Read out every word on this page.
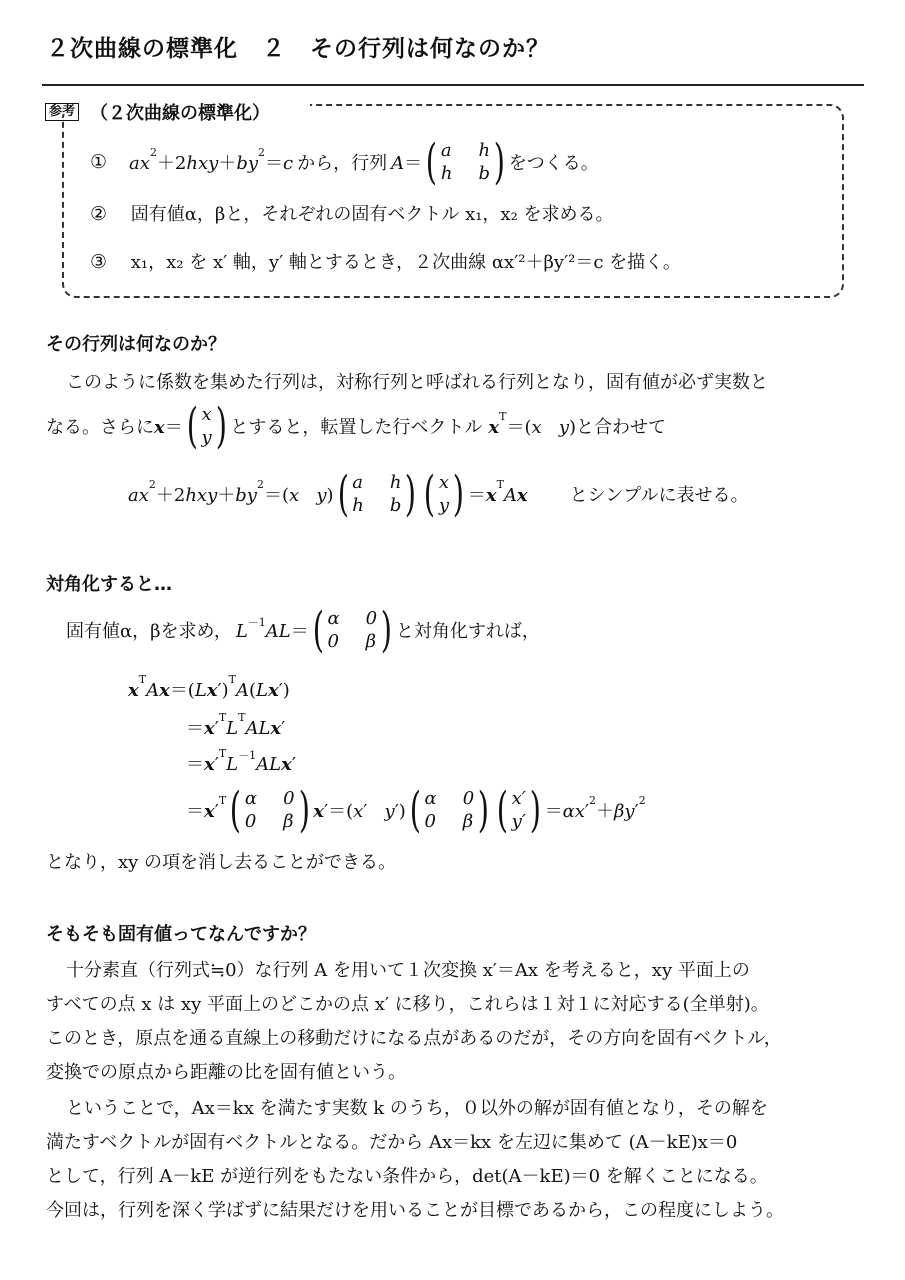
２次曲線の標準化　２　その行列は何なのか？
参考 （２次曲線の標準化）
① $ax^2+2hxy+by^2=c$ から，行列 A＝ ( a h
h b ) をつくる。
② 固有値α，βと，それぞれの固有ベクトル x₁，x₂ を求める。
③ x₁，x₂ を x′ 軸，y′ 軸とするとき，２次曲線 αx′²＋βy′²＝c を描く。
その行列は何なのか？
このように係数を集めた行列は，対称行列と呼ばれる行列となり，固有値が必ず実数と
なる。さらに x＝ ( x
y ) とすると，転置した行ベクトル $x^T=(x$ y) と合わせて
$ax^2+2hxy+by^2=(x$ y) ( a h
h b ) ( x
y ) $=x^TAx$ とシンプルに表せる。
対角化すると…
固有値α，βを求め， $L^{-1}AL=$ ( α 0
0 β ) と対角化すれば，
$x^TAx=(Lx')^TA(Lx')$
$=x'^TL^TALx'$
$=x'^TL^{-1}ALx'$
$=x'^T$ ( α 0
0 β ) x′＝(x′   y′) ( α 0
0 β ) ( x′
y′ ) $=\alpha x'^2+\beta y'^2$
となり，xy の項を消し去ることができる。
そもそも固有値ってなんですか？
十分素直（行列式≒0）な行列 A を用いて１次変換 x′＝Ax を考えると，xy 平面上の
すべての点 x は xy 平面上のどこかの点 x′ に移り，これらは１対１に対応する(全単射)。
このとき，原点を通る直線上の移動だけになる点があるのだが，その方向を固有ベクトル，
変換での原点から距離の比を固有値という。
ということで，Ax＝kx を満たす実数 k のうち，０以外の解が固有値となり，その解を
満たすベクトルが固有ベクトルとなる。だから Ax＝kx を左辺に集めて (A－kE)x＝0
として，行列 A－kE が逆行列をもたない条件から，det(A－kE)＝0 を解くことになる。
今回は，行列を深く学ばずに結果だけを用いることが目標であるから，この程度にしよう。
